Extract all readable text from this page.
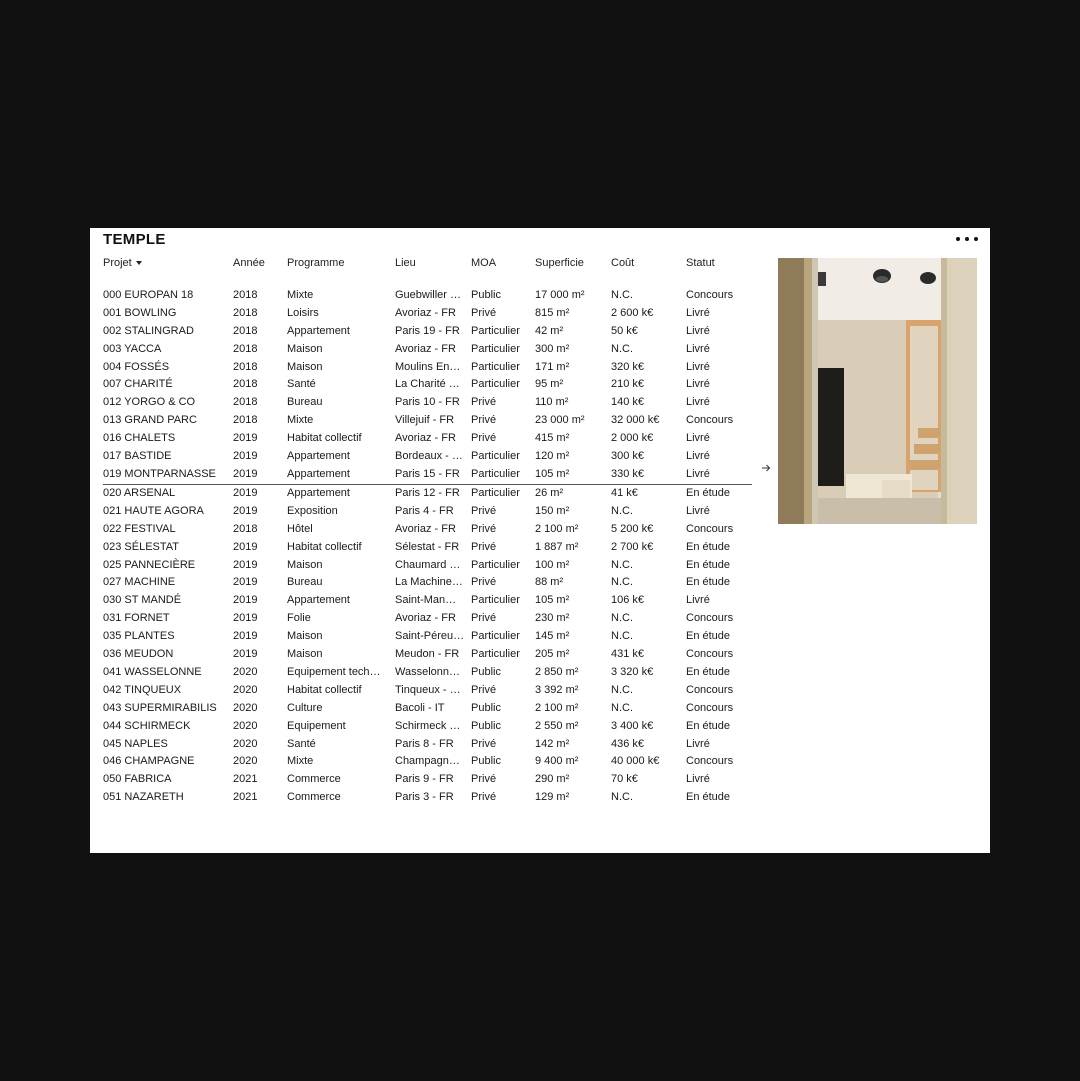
TEMPLE
Projet	Année	Programme	Lieu	MOA	Superficie	Coût	Statut

000 EUROPAN 18	2018	Mixte	Guebwiller …	Public	17 000 m²	N.C.	Concours
001 BOWLING	2018	Loisirs	Avoriaz - FR	Privé	815 m²	2 600 k€	Livré
002 STALINGRAD	2018	Appartement	Paris 19 - FR	Particulier	42 m²	50 k€	Livré
003 YACCA	2018	Maison	Avoriaz - FR	Particulier	300 m²	N.C.	Livré
004 FOSSÉS	2018	Maison	Moulins En…	Particulier	171 m²	320 k€	Livré
007 CHARITÉ	2018	Santé	La Charité …	Particulier	95 m²	210 k€	Livré
012 YORGO & CO	2018	Bureau	Paris 10 - FR	Privé	110 m²	140 k€	Livré
013 GRAND PARC	2018	Mixte	Villejuif - FR	Privé	23 000 m²	32 000 k€	Concours
016 CHALETS	2019	Habitat collectif	Avoriaz - FR	Privé	415 m²	2 000 k€	Livré
017 BASTIDE	2019	Appartement	Bordeaux - …	Particulier	120 m²	300 k€	Livré
019 MONTPARNASSE	2019	Appartement	Paris 15 - FR	Particulier	105 m²	330 k€	Livré
020 ARSENAL	2019	Appartement	Paris 12 - FR	Particulier	26 m²	41 k€	En étude
021 HAUTE AGORA	2019	Exposition	Paris 4 - FR	Privé	150 m²	N.C.	Livré
022 FESTIVAL	2018	Hôtel	Avoriaz - FR	Privé	2 100 m²	5 200 k€	Concours
023 SÉLESTAT	2019	Habitat collectif	Sélestat - FR	Privé	1 887 m²	2 700 k€	En étude
025 PANNECIÈRE	2019	Maison	Chaumard …	Particulier	100 m²	N.C.	En étude
027 MACHINE	2019	Bureau	La Machine…	Privé	88 m²	N.C.	En étude
030 ST MANDÉ	2019	Appartement	Saint-Man…	Particulier	105 m²	106 k€	Livré
031 FORNET	2019	Folie	Avoriaz - FR	Privé	230 m²	N.C.	Concours
035 PLANTES	2019	Maison	Saint-Péreu…	Particulier	145 m²	N.C.	En étude
036 MEUDON	2019	Maison	Meudon - FR	Particulier	205 m²	431 k€	Concours
041 WASSELONNE	2020	Equipement tech…	Wasselonn…	Public	2 850 m²	3 320 k€	En étude
042 TINQUEUX	2020	Habitat collectif	Tinqueux - …	Privé	3 392 m²	N.C.	Concours
043 SUPERMIRABILIS	2020	Culture	Bacoli - IT	Public	2 100 m²	N.C.	Concours
044 SCHIRMECK	2020	Equipement	Schirmeck …	Public	2 550 m²	3 400 k€	En étude
045 NAPLES	2020	Santé	Paris 8 - FR	Privé	142 m²	436 k€	Livré
046 CHAMPAGNE	2020	Mixte	Champagn…	Public	9 400 m²	40 000 k€	Concours
050 FABRICA	2021	Commerce	Paris 9 - FR	Privé	290 m²	70 k€	Livré
051 NAZARETH	2021	Commerce	Paris 3 - FR	Privé	129 m²	N.C.	En étude
